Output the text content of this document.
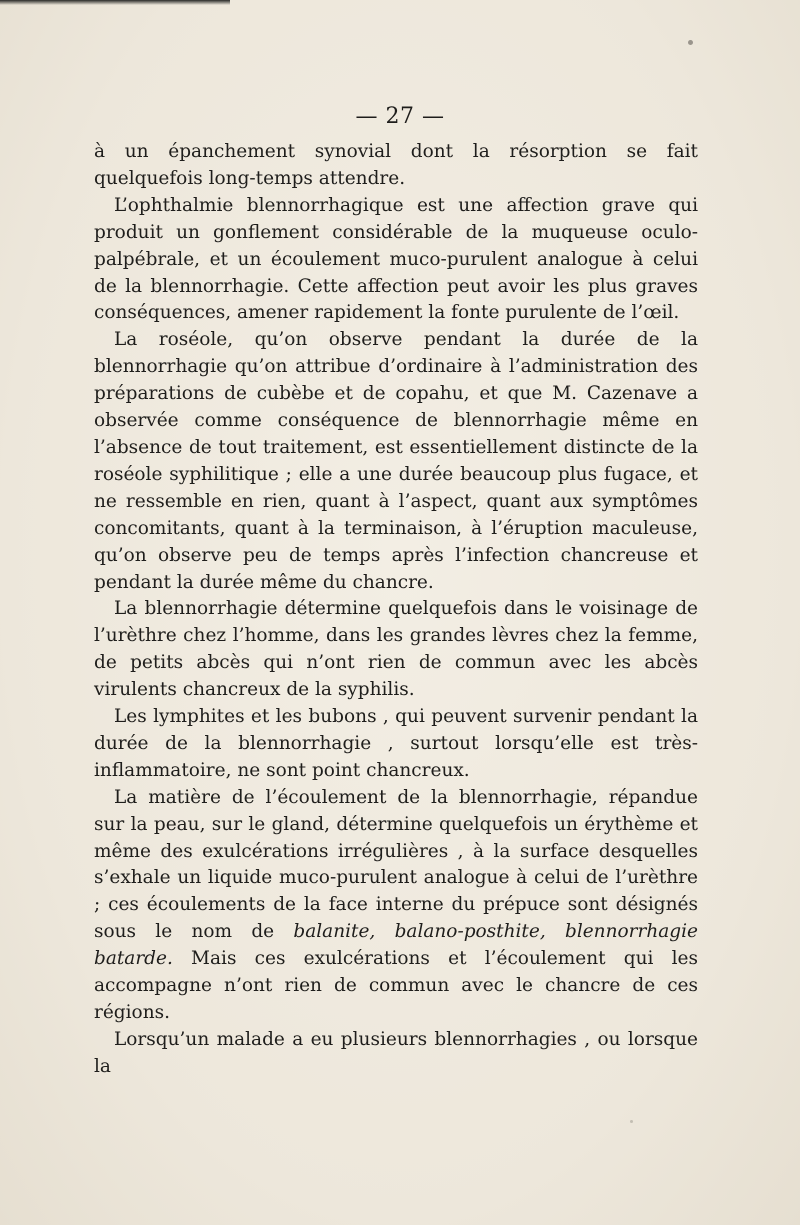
— 27 —

à un épanchement synovial dont la résorption se fait quelquefois long-temps attendre.

L’ophthalmie blennorrhagique est une affection grave qui produit un gonflement considérable de la muqueuse oculo-palpébrale, et un écoulement muco-purulent analogue à celui de la blennorrhagie. Cette affection peut avoir les plus graves conséquences, amener rapidement la fonte purulente de l’œil.

La roséole, qu’on observe pendant la durée de la blennorrhagie qu’on attribue d’ordinaire à l’administration des préparations de cubèbe et de copahu, et que M. Cazenave a observée comme conséquence de blennorrhagie même en l’absence de tout traitement, est essentiellement distincte de la roséole syphilitique ; elle a une durée beaucoup plus fugace, et ne ressemble en rien, quant à l’aspect, quant aux symptômes concomitants, quant à la terminaison, à l’éruption maculeuse, qu’on observe peu de temps après l’infection chancreuse et pendant la durée même du chancre.

La blennorrhagie détermine quelquefois dans le voisinage de l’urèthre chez l’homme, dans les grandes lèvres chez la femme, de petits abcès qui n’ont rien de commun avec les abcès virulents chancreux de la syphilis.

Les lymphites et les bubons , qui peuvent survenir pendant la durée de la blennorrhagie , surtout lorsqu’elle est très-inflammatoire, ne sont point chancreux.

La matière de l’écoulement de la blennorrhagie, répandue sur la peau, sur le gland, détermine quelquefois un érythème et même des exulcérations irrégulières , à la surface desquelles s’exhale un liquide muco-purulent analogue à celui de l’urèthre ; ces écoulements de la face interne du prépuce sont désignés sous le nom de balanite, balano-posthite, blennorrhagie batarde. Mais ces exulcérations et l’écoulement qui les accompagne n’ont rien de commun avec le chancre de ces régions.

Lorsqu’un malade a eu plusieurs blennorrhagies , ou lorsque la
